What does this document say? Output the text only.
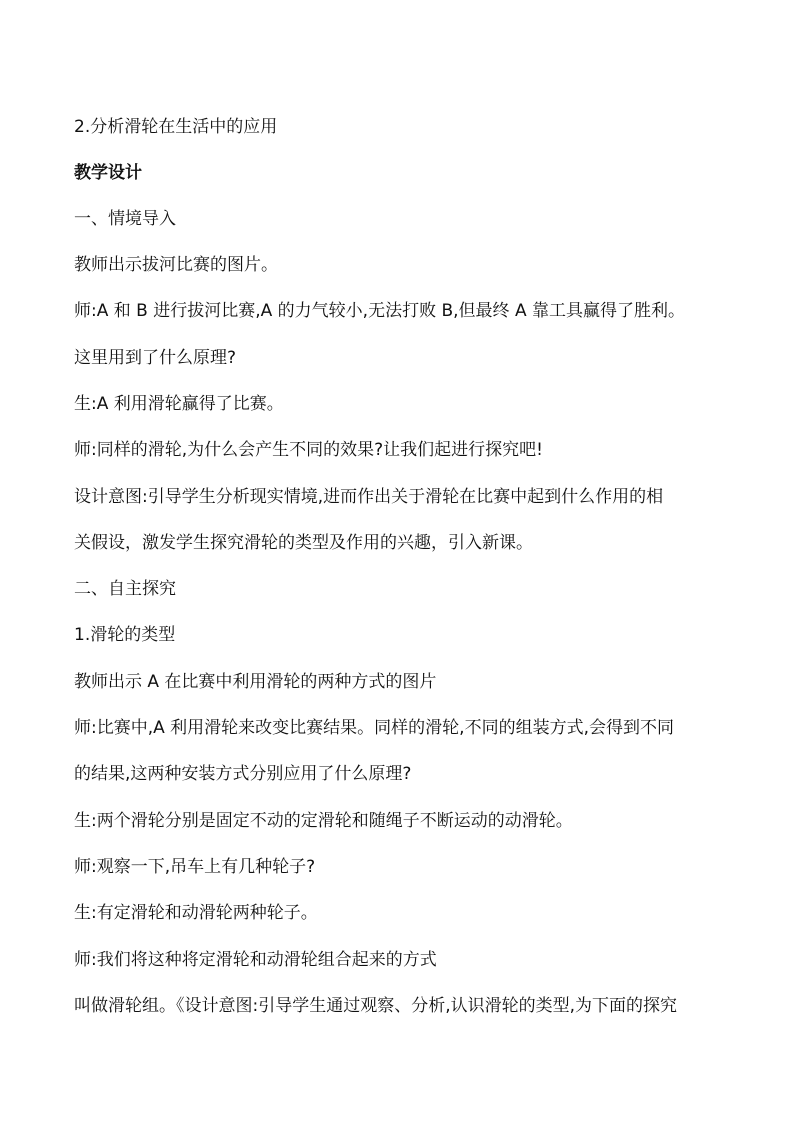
2.分析滑轮在生活中的应用
教学设计
一、情境导入
教师出示拔河比赛的图片。
师:A 和 B 进行拔河比赛,A 的力气较小,无法打败 B,但最终 A 靠工具赢得了胜利。
这里用到了什么原理?
生:A 利用滑轮赢得了比赛。
师:同样的滑轮,为什么会产生不同的效果?让我们起进行探究吧!
设计意图:引导学生分析现实情境,进而作出关于滑轮在比赛中起到什么作用的相
关假设，激发学生探究滑轮的类型及作用的兴趣，引入新课。
二、自主探究
1.滑轮的类型
教师出示 A 在比赛中利用滑轮的两种方式的图片
师:比赛中,A 利用滑轮来改变比赛结果。同样的滑轮,不同的组装方式,会得到不同
的结果,这两种安装方式分别应用了什么原理?
生:两个滑轮分别是固定不动的定滑轮和随绳子不断运动的动滑轮。
师:观察一下,吊车上有几种轮子?
生:有定滑轮和动滑轮两种轮子。
师:我们将这种将定滑轮和动滑轮组合起来的方式
叫做滑轮组。《设计意图:引导学生通过观察、分析,认识滑轮的类型,为下面的探究
